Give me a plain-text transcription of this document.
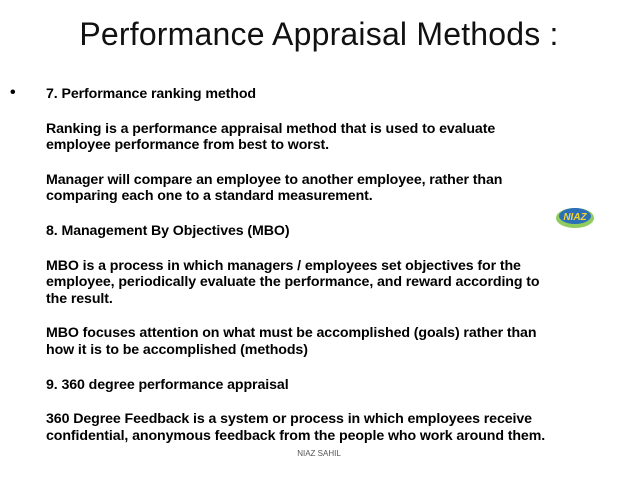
Performance Appraisal Methods :
• 7. Performance ranking method
Ranking is a performance appraisal method that is used to evaluate
employee performance from best to worst.
Manager will compare an employee to another employee, rather than
comparing each one to a standard measurement.
8. Management By Objectives (MBO)
MBO is a process in which managers / employees set objectives for the
employee, periodically evaluate the performance, and reward according to
the result.
MBO focuses attention on what must be accomplished (goals) rather than
how it is to be accomplished (methods)
9. 360 degree performance appraisal
360 Degree Feedback is a system or process in which employees receive
confidential, anonymous feedback from the people who work around them.
NIAZ
NIAZ SAHIL
